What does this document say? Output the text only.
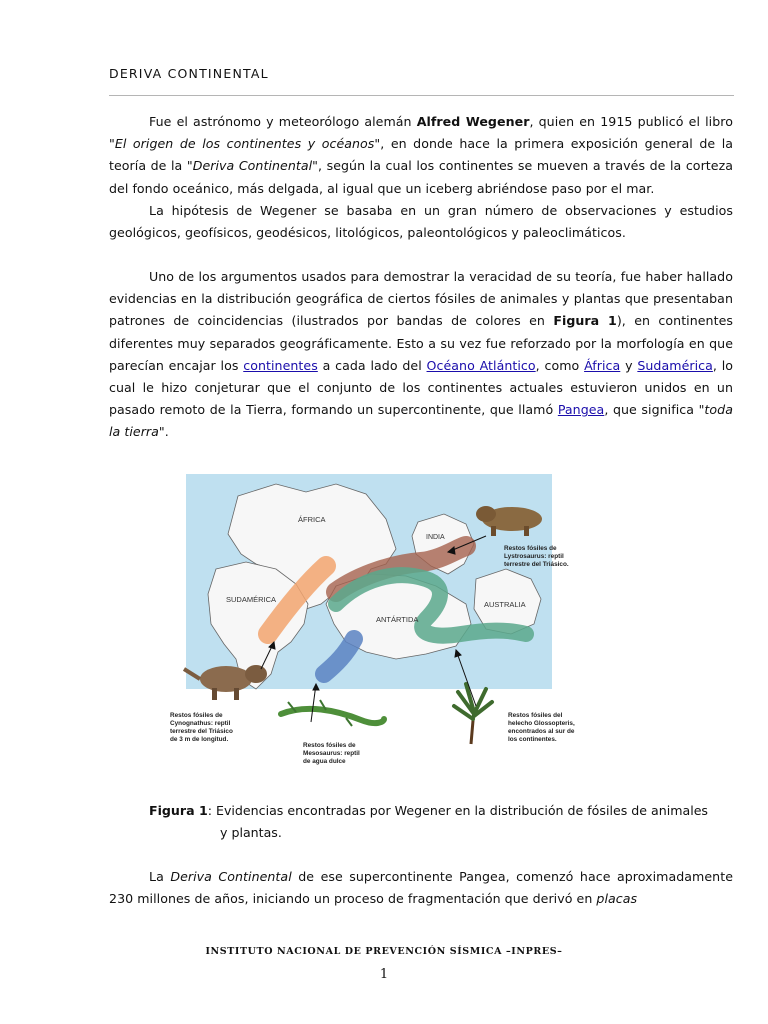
DERIVA CONTINENTAL

Fue el astrónomo y meteorólogo alemán Alfred Wegener, quien en 1915 publicó el libro "El origen de los continentes y océanos", en donde hace la primera exposición general de la teoría de la "Deriva Continental", según la cual los continentes se mueven a través de la corteza del fondo oceánico, más delgada, al igual que un iceberg abriéndose paso por el mar.

La hipótesis de Wegener se basaba en un gran número de observaciones y estudios geológicos, geofísicos, geodésicos, litológicos, paleontológicos y paleoclimáticos.

Uno de los argumentos usados para demostrar la veracidad de su teoría, fue haber hallado evidencias en la distribución geográfica de ciertos fósiles de animales y plantas que presentaban patrones de coincidencias (ilustrados por bandas de colores en Figura 1), en continentes diferentes muy separados geográficamente. Esto a su vez fue reforzado por la morfología en que parecían encajar los continentes a cada lado del Océano Atlántico, como África y Sudamérica, lo cual le hizo conjeturar que el conjunto de los continentes actuales estuvieron unidos en un pasado remoto de la Tierra, formando un supercontinente, que llamó Pangea, que significa "toda la tierra".

ÁFRICA
INDIA
SUDAMÉRICA
ANTÁRTIDA
AUSTRALIA
Restos fósiles de Lystrosaurus: reptil terrestre del Triásico.
Restos fósiles de Cynognathus: reptil terrestre del Triásico de 3 m de longitud.
Restos fósiles de Mesosaurus: reptil de agua dulce
Restos fósiles del helecho Glossopteris, encontrados al sur de los continentes.
Figura 1: Evidencias encontradas por Wegener en la distribución de fósiles de animales
y plantas.

La Deriva Continental de ese supercontinente Pangea, comenzó hace aproximadamente 230 millones de años, iniciando un proceso de fragmentación que derivó en placas

INSTITUTO NACIONAL DE PREVENCIÓN SÍSMICA –INPRES–
1
